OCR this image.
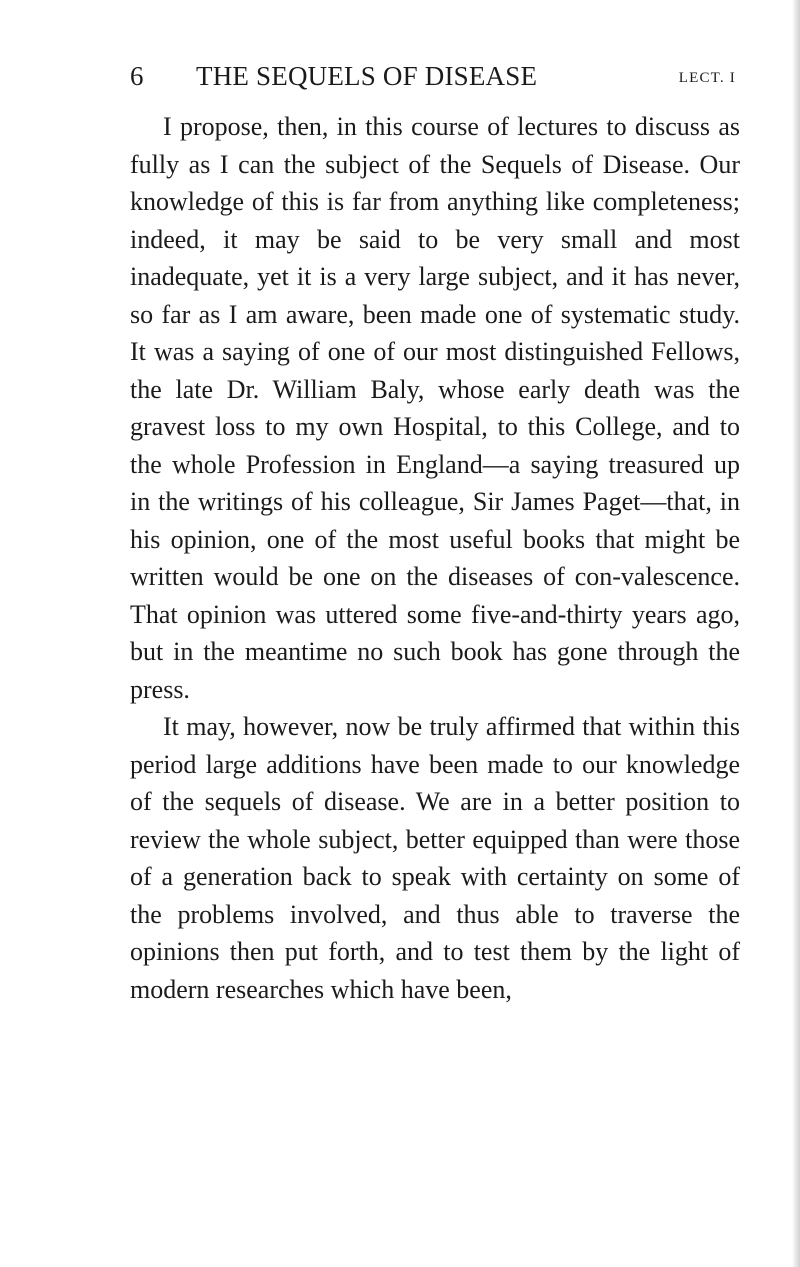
6 THE SEQUELS OF DISEASE	LECT. I

I propose, then, in this course of lectures to discuss as fully as I can the subject of the Sequels of Disease. Our knowledge of this is far from anything like completeness; indeed, it may be said to be very small and most inadequate, yet it is a very large subject, and it has never, so far as I am aware, been made one of systematic study. It was a saying of one of our most distinguished Fellows, the late Dr. William Baly, whose early death was the gravest loss to my own Hospital, to this College, and to the whole Profession in England—a saying treasured up in the writings of his colleague, Sir James Paget—that, in his opinion, one of the most useful books that might be written would be one on the diseases of con-valescence. That opinion was uttered some five-and-thirty years ago, but in the meantime no such book has gone through the press.

It may, however, now be truly affirmed that within this period large additions have been made to our knowledge of the sequels of disease. We are in a better position to review the whole subject, better equipped than were those of a generation back to speak with certainty on some of the problems involved, and thus able to traverse the opinions then put forth, and to test them by the light of modern researches which have been,
